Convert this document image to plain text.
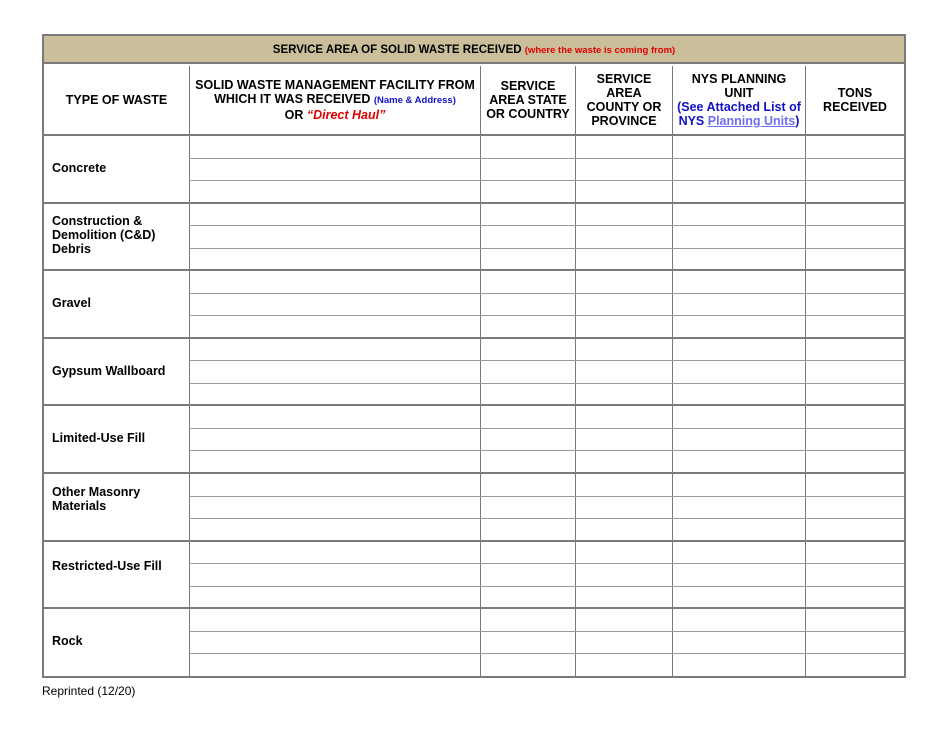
SERVICE AREA OF SOLID WASTE RECEIVED (where the waste is coming from)
TYPE OF WASTE
SOLID WASTE MANAGEMENT FACILITY FROM WHICH IT WAS RECEIVED (Name & Address)
OR “Direct Haul”
SERVICE AREA STATE OR COUNTRY
SERVICE AREA COUNTY OR PROVINCE
NYS PLANNING UNIT
(See Attached List of NYS Planning Units)
TONS RECEIVED
Concrete
Construction & Demolition (C&D) Debris
Gravel
Gypsum Wallboard
Limited-Use Fill
Other Masonry Materials
Restricted-Use Fill
Rock
Reprinted (12/20)
